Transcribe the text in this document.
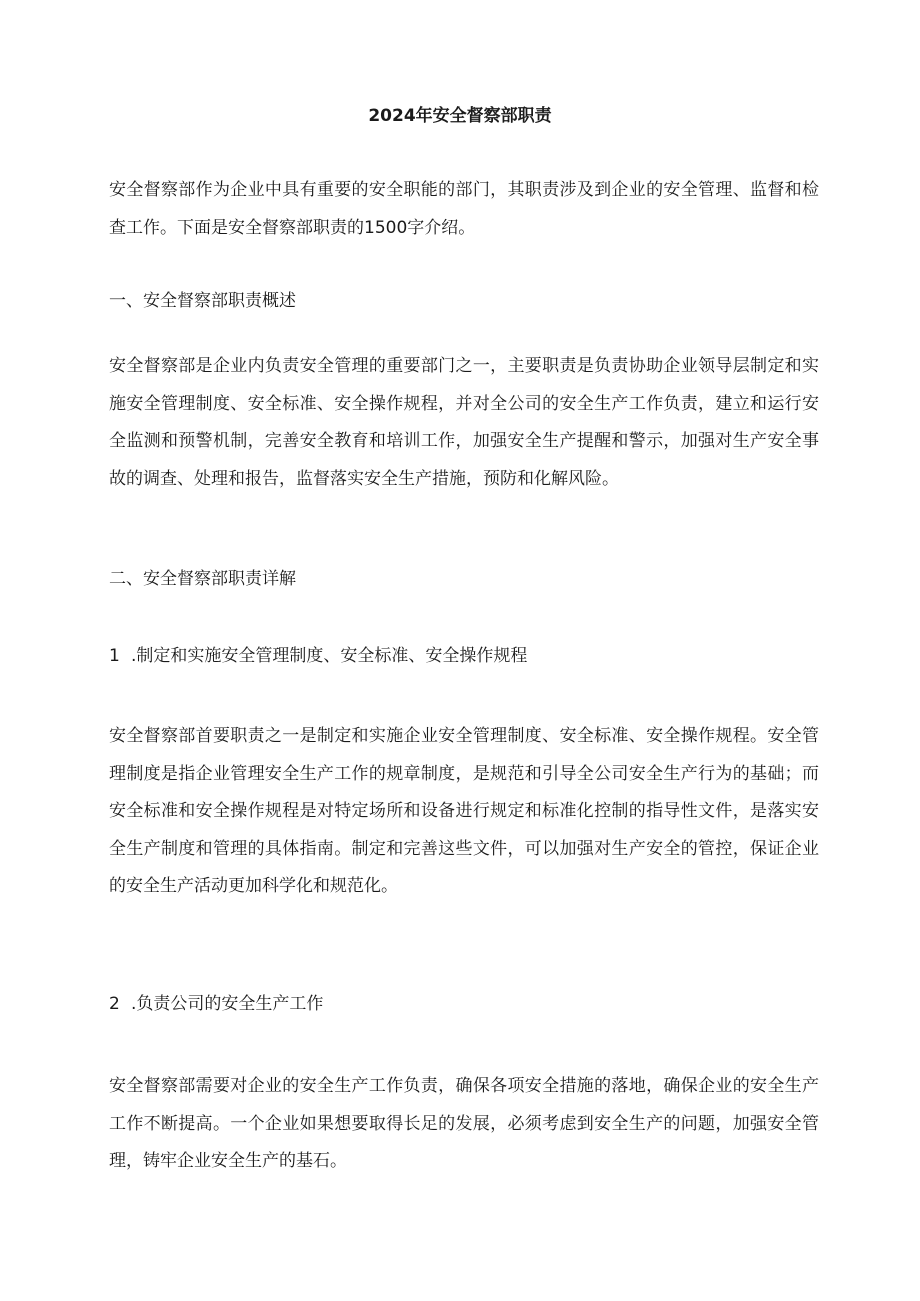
2024年安全督察部职责

安全督察部作为企业中具有重要的安全职能的部门，其职责涉及到企业的安全管理、监督和检查工作。下面是安全督察部职责的1500字介绍。

一、安全督察部职责概述

安全督察部是企业内负责安全管理的重要部门之一，主要职责是负责协助企业领导层制定和实施安全管理制度、安全标准、安全操作规程，并对全公司的安全生产工作负责，建立和运行安全监测和预警机制，完善安全教育和培训工作，加强安全生产提醒和警示，加强对生产安全事故的调查、处理和报告，监督落实安全生产措施，预防和化解风险。

二、安全督察部职责详解

1 .制定和实施安全管理制度、安全标准、安全操作规程

安全督察部首要职责之一是制定和实施企业安全管理制度、安全标准、安全操作规程。安全管理制度是指企业管理安全生产工作的规章制度，是规范和引导全公司安全生产行为的基础；而安全标准和安全操作规程是对特定场所和设备进行规定和标准化控制的指导性文件，是落实安全生产制度和管理的具体指南。制定和完善这些文件，可以加强对生产安全的管控，保证企业的安全生产活动更加科学化和规范化。

2 .负责公司的安全生产工作

安全督察部需要对企业的安全生产工作负责，确保各项安全措施的落地，确保企业的安全生产工作不断提高。一个企业如果想要取得长足的发展，必须考虑到安全生产的问题，加强安全管理，铸牢企业安全生产的基石。
